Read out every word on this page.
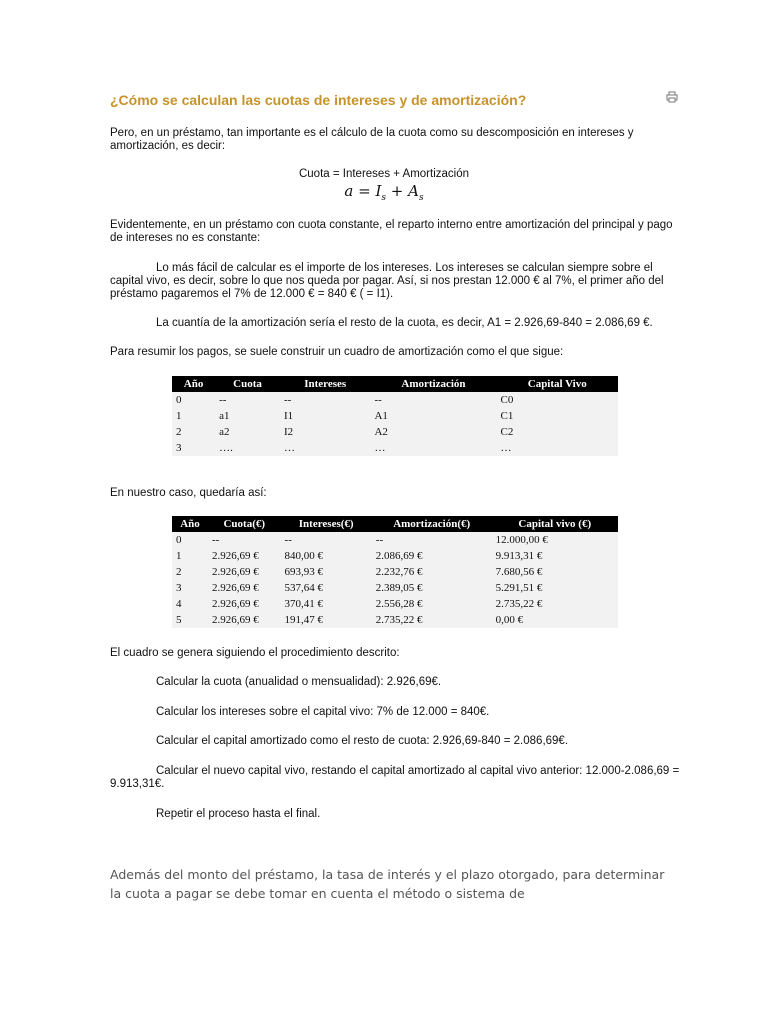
¿Cómo se calculan las cuotas de intereses y de amortización?
Pero, en un préstamo, tan importante es el cálculo de la cuota como su descomposición en intereses y amortización, es decir:
Cuota = Intereses + Amortización
$a = I_s + A_s$
Evidentemente, en un préstamo con cuota constante, el reparto interno entre amortización del principal y pago de intereses no es constante:
Lo más fácil de calcular es el importe de los intereses. Los intereses se calculan siempre sobre el capital vivo, es decir, sobre lo que nos queda por pagar. Así, si nos prestan 12.000 € al 7%, el primer año del préstamo pagaremos el 7% de 12.000 € = 840 € ( = I1).
La cuantía de la amortización sería el resto de la cuota, es decir, A1 = 2.926,69-840 = 2.086,69 €.
Para resumir los pagos, se suele construir un cuadro de amortización como el que sigue:
Año	Cuota	Intereses	Amortización	Capital Vivo
0	--	--	--	C0
1	a1	I1	A1	C1
2	a2	I2	A2	C2
3	….	…	…	…
En nuestro caso, quedaría así:
Año	Cuota(€)	Intereses(€)	Amortización(€)	Capital vivo (€)
0	--	--	--	12.000,00 €
1	2.926,69 €	840,00 €	2.086,69 €	9.913,31 €
2	2.926,69 €	693,93 €	2.232,76 €	7.680,56 €
3	2.926,69 €	537,64 €	2.389,05 €	5.291,51 €
4	2.926,69 €	370,41 €	2.556,28 €	2.735,22 €
5	2.926,69 €	191,47 €	2.735,22 €	0,00 €
El cuadro se genera siguiendo el procedimiento descrito:
Calcular la cuota (anualidad o mensualidad): 2.926,69€.
Calcular los intereses sobre el capital vivo: 7% de 12.000 = 840€.
Calcular el capital amortizado como el resto de cuota: 2.926,69-840 = 2.086,69€.
Calcular el nuevo capital vivo, restando el capital amortizado al capital vivo anterior: 12.000-2.086,69 = 9.913,31€.
Repetir el proceso hasta el final.
Además del monto del préstamo, la tasa de interés y el plazo otorgado, para determinar la cuota a pagar se debe tomar en cuenta el método o sistema de
